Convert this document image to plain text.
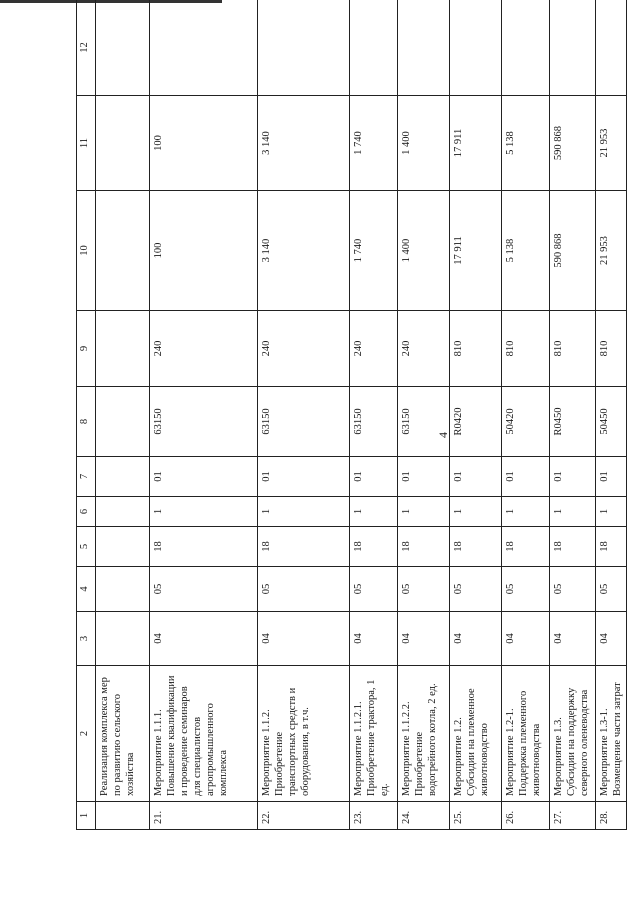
4
1	2	3	4	5	6	7	8	9	10	11	12
	Реализация комплекса мер по развитию сельского хозяйства										
21.	Мероприятие 1.1.1. Повышение квалификации и проведение семинаров для специалистов агропромышленного комплекса	04	05	18	1	01	63150	240	100	100	
22.	Мероприятие 1.1.2. Приобретение транспортных средств и оборудования, в т.ч.	04	05	18	1	01	63150	240	3 140	3 140	
23.	Мероприятие 1.1.2.1. Приобретение трактора, 1 ед.	04	05	18	1	01	63150	240	1 740	1 740	
24.	Мероприятие 1.1.2.2. Приобретение водогрейного котла, 2 ед.	04	05	18	1	01	63150	240	1 400	1 400	
25.	Мероприятие 1.2. Субсидии на племенное животноводство	04	05	18	1	01	R0420	810	17 911	17 911	
26.	Мероприятие 1.2-1. Поддержка племенного животноводства	04	05	18	1	01	50420	810	5 138	5 138	
27.	Мероприятие 1.3. Субсидии на поддержку северного оленеводства	04	05	18	1	01	R0450	810	590 868	590 868	
28.	Мероприятие 1.3-1. Возмещение части затрат	04	05	18	1	01	50450	810	21 953	21 953	
